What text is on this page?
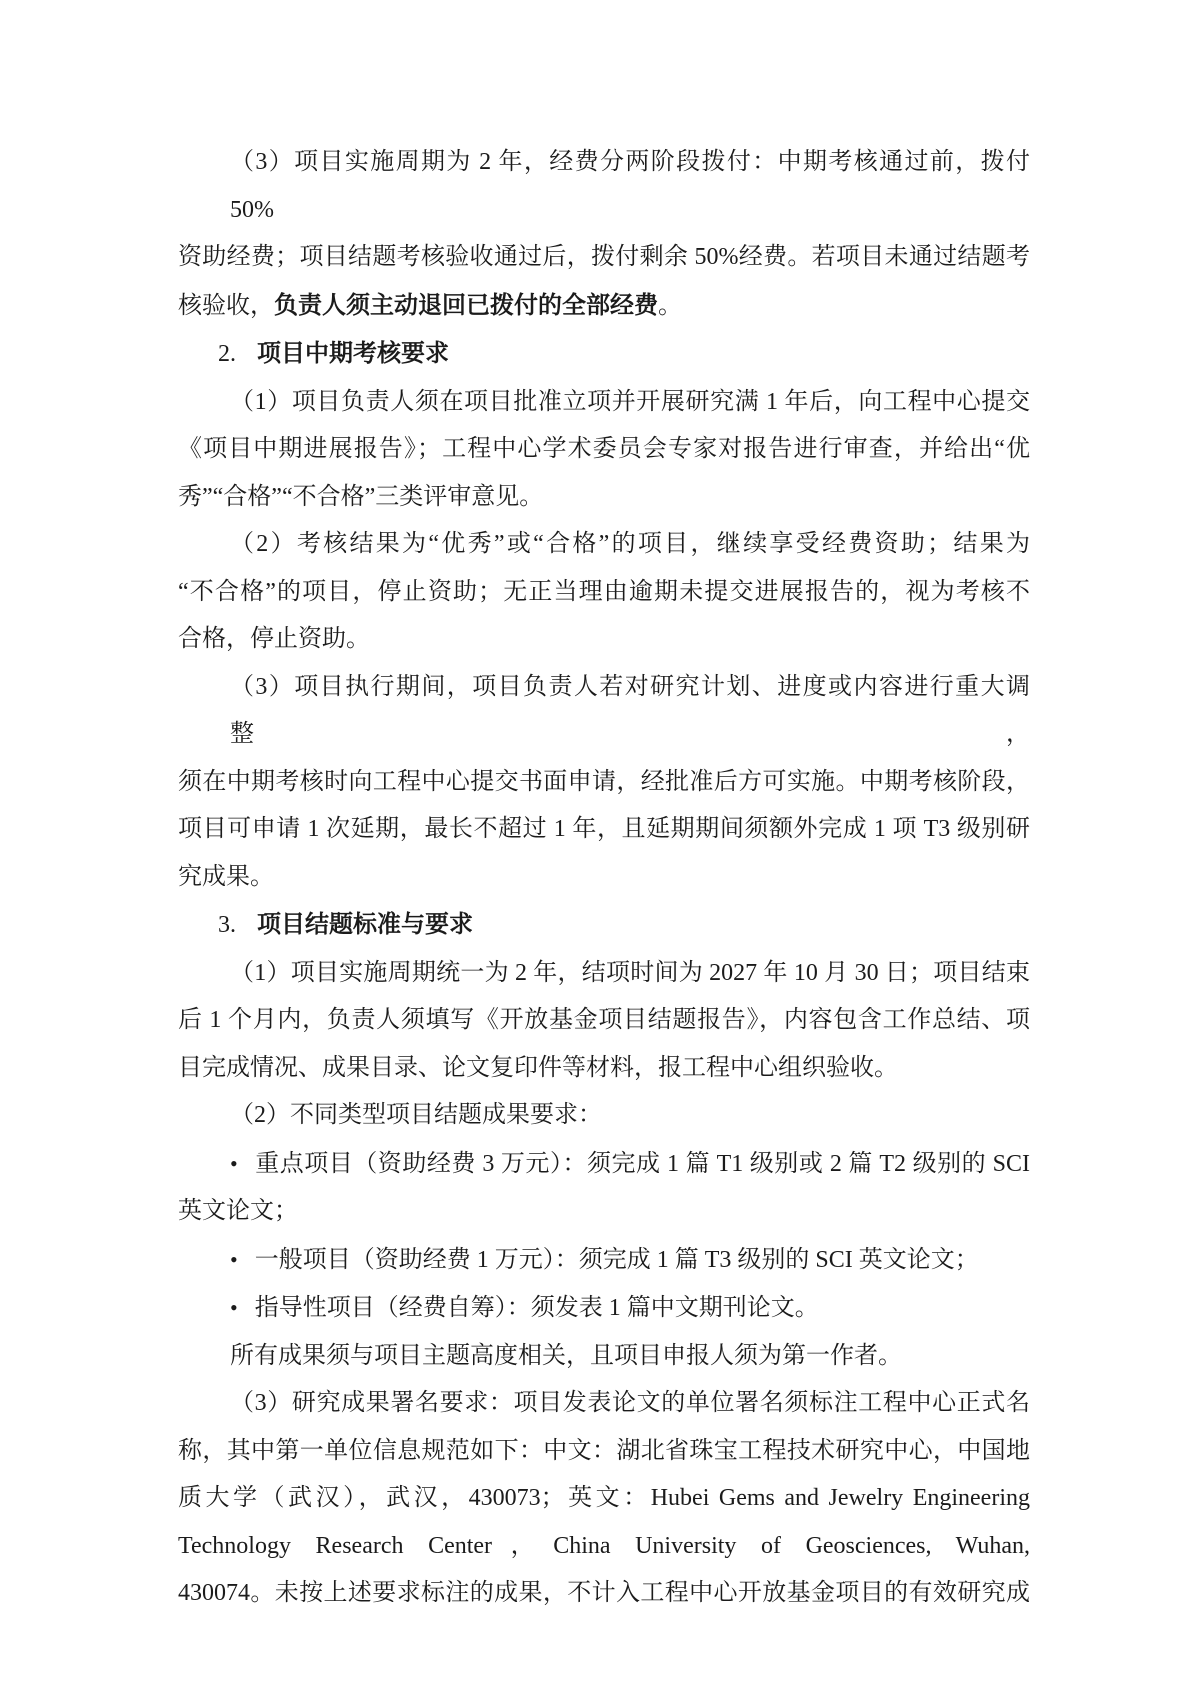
（3）项目实施周期为 2 年，经费分两阶段拨付：中期考核通过前，拨付 50%
资助经费；项目结题考核验收通过后，拨付剩余 50%经费。若项目未通过结题考
核验收，负责人须主动退回已拨付的全部经费。
2. 项目中期考核要求
（1）项目负责人须在项目批准立项并开展研究满 1 年后，向工程中心提交
《项目中期进展报告》；工程中心学术委员会专家对报告进行审查，并给出“优
秀”“合格”“不合格”三类评审意见。
（2）考核结果为“优秀”或“合格”的项目，继续享受经费资助；结果为
“不合格”的项目，停止资助；无正当理由逾期未提交进展报告的，视为考核不
合格，停止资助。
（3）项目执行期间，项目负责人若对研究计划、进度或内容进行重大调整，
须在中期考核时向工程中心提交书面申请，经批准后方可实施。中期考核阶段，
项目可申请 1 次延期，最长不超过 1 年，且延期期间须额外完成 1 项 T3 级别研
究成果。
3. 项目结题标准与要求
（1）项目实施周期统一为 2 年，结项时间为 2027 年 10 月 30 日；项目结束
后 1 个月内，负责人须填写《开放基金项目结题报告》，内容包含工作总结、项
目完成情况、成果目录、论文复印件等材料，报工程中心组织验收。
（2）不同类型项目结题成果要求：
• 重点项目（资助经费 3 万元）：须完成 1 篇 T1 级别或 2 篇 T2 级别的 SCI
英文论文；
• 一般项目（资助经费 1 万元）：须完成 1 篇 T3 级别的 SCI 英文论文；
• 指导性项目（经费自筹）：须发表 1 篇中文期刊论文。
所有成果须与项目主题高度相关，且项目申报人须为第一作者。
（3）研究成果署名要求：项目发表论文的单位署名须标注工程中心正式名
称，其中第一单位信息规范如下：中文：湖北省珠宝工程技术研究中心，中国地
质大学（武汉），武汉，430073；英文：Hubei Gems and Jewelry Engineering
Technology Research Center，China University of Geosciences, Wuhan,
430074。未按上述要求标注的成果，不计入工程中心开放基金项目的有效研究成
